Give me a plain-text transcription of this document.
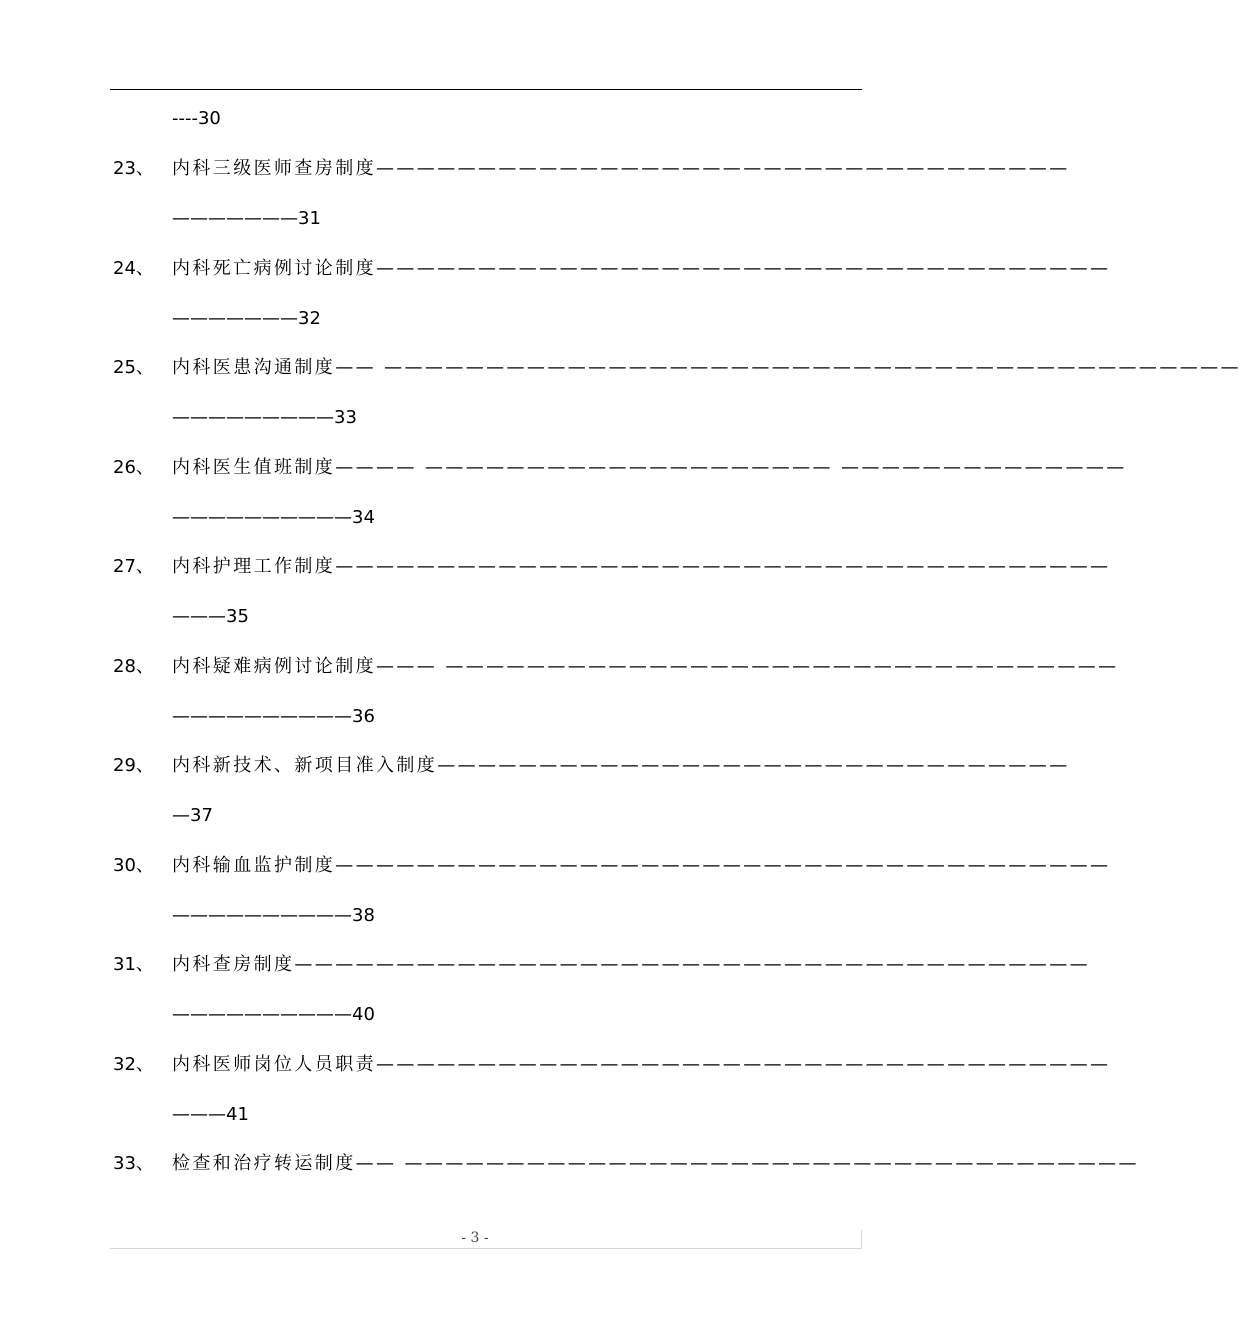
----30
23、	内科三级医师查房制度——————————————————————————————————
———————31
24、	内科死亡病例讨论制度————————————————————————————————————
———————32
25、	内科医患沟通制度—— ——————————————————————————————————————————
—————————33
26、	内科医生值班制度———— ———————————————————— ——————————————
——————————34
27、	内科护理工作制度——————————————————————————————————————
———35
28、	内科疑难病例讨论制度——— —————————————————————————————————
——————————36
29、	内科新技术、新项目准入制度———————————————————————————————
—37
30、	内科输血监护制度——————————————————————————————————————
——————————38
31、	内科查房制度———————————————————————————————————————
——————————40
32、	内科医师岗位人员职责————————————————————————————————————
———41
33、	检查和治疗转运制度—— ————————————————————————————————————
- 3 -
